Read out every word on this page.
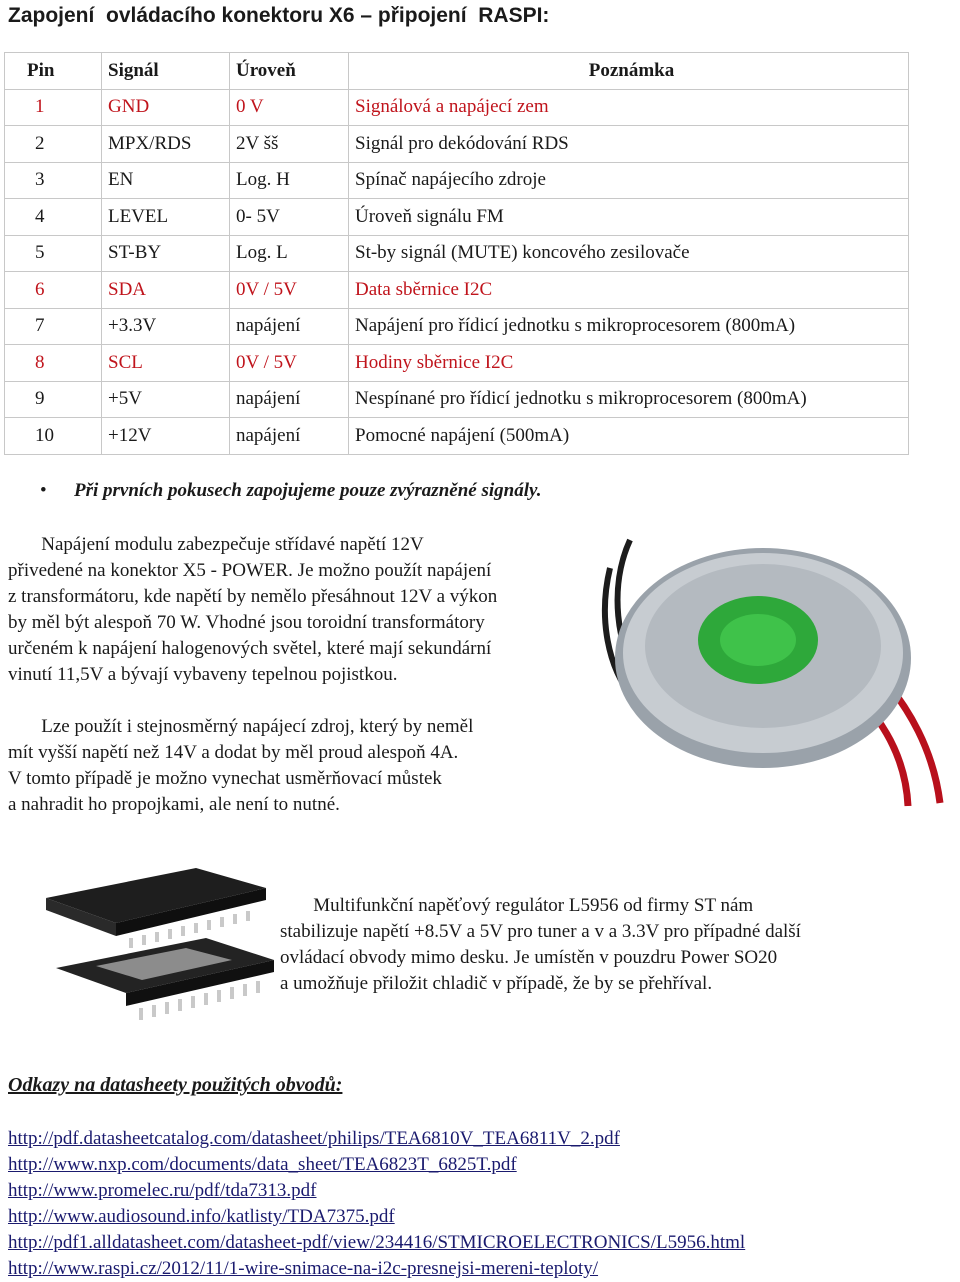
Zapojení  ovládacího konektoru X6 – připojení  RASPI:
Pin	Signál	Úroveň	Poznámka
1	GND	0 V	Signálová a napájecí zem
2	MPX/RDS	2V šš	Signál pro dekódování RDS
3	EN	Log. H	Spínač napájecího zdroje
4	LEVEL	0- 5V	Úroveň signálu FM
5	ST-BY	Log. L	St-by signál (MUTE) koncového zesilovače
6	SDA	0V / 5V	Data sběrnice I2C
7	+3.3V	napájení	Napájení pro řídicí jednotku s mikroprocesorem (800mA)
8	SCL	0V / 5V	Hodiny sběrnice I2C
9	+5V	napájení	Nespínané pro řídicí jednotku s mikroprocesorem (800mA)
10	+12V	napájení	Pomocné napájení (500mA)
• Při prvních pokusech zapojujeme pouze zvýrazněné signály.
Napájení modulu zabezpečuje střídavé napětí 12V
přivedené na konektor X5 - POWER. Je možno použít napájení
z transformátoru, kde napětí by nemělo přesáhnout 12V a výkon
by měl být alespoň 70 W. Vhodné jsou toroidní transformátory
určeném k napájení halogenových světel, které mají sekundární
vinutí 11,5V a bývají vybaveny tepelnou pojistkou.
Lze použít i stejnosměrný napájecí zdroj, který by neměl
mít vyšší napětí než 14V a dodat by měl proud alespoň 4A.
V tomto případě je možno vynechat usměrňovací můstek
a nahradit ho propojkami, ale není to nutné.
Multifunkční napěťový regulátor L5956 od firmy ST nám
stabilizuje napětí +8.5V a 5V pro tuner a v a 3.3V pro případné další
ovládací obvody mimo desku. Je umístěn v pouzdru Power SO20
a umožňuje přiložit chladič v případě, že by se přehříval.
Odkazy na datasheety použitých obvodů:
http://pdf.datasheetcatalog.com/datasheet/philips/TEA6810V_TEA6811V_2.pdf
http://www.nxp.com/documents/data_sheet/TEA6823T_6825T.pdf
http://www.promelec.ru/pdf/tda7313.pdf
http://www.audiosound.info/katlisty/TDA7375.pdf
http://pdf1.alldatasheet.com/datasheet-pdf/view/234416/STMICROELECTRONICS/L5956.html
http://www.raspi.cz/2012/11/1-wire-snimace-na-i2c-presnejsi-mereni-teploty/
